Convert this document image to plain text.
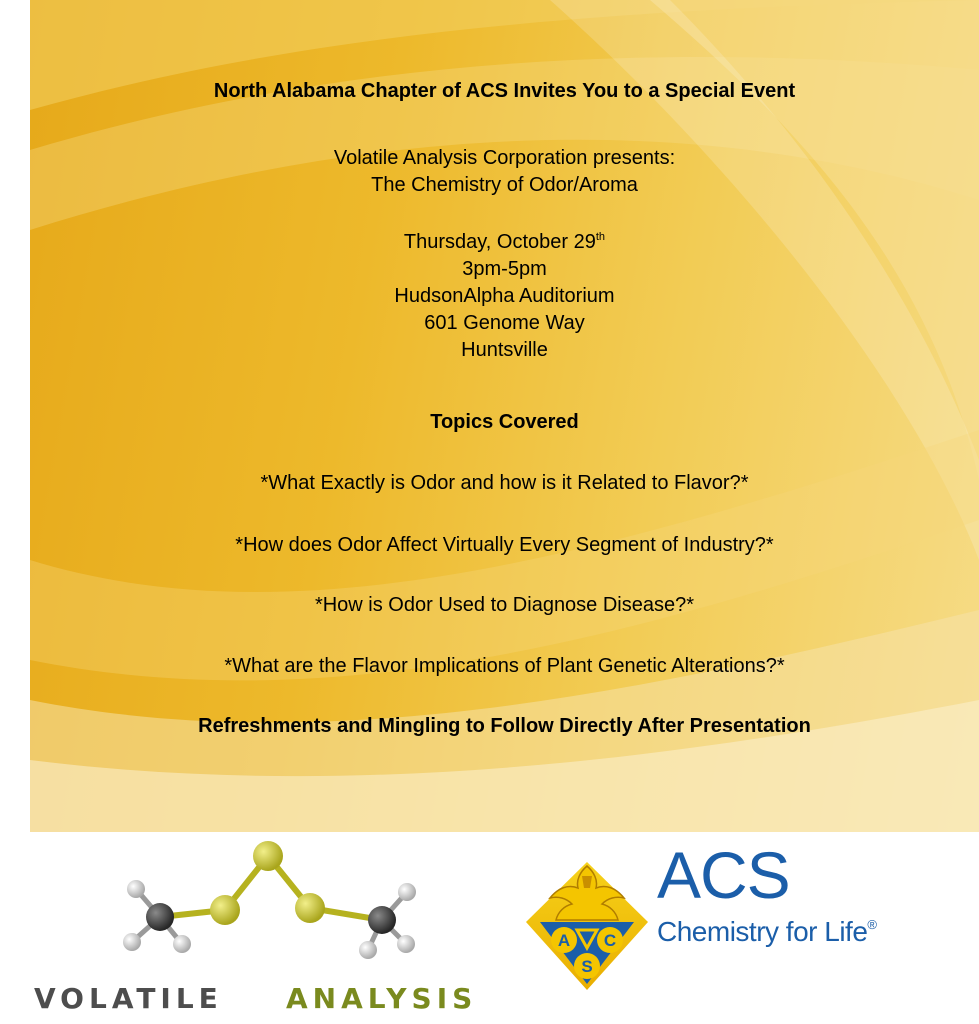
North Alabama Chapter of ACS Invites You to a Special Event
Volatile Analysis Corporation presents:
The Chemistry of Odor/Aroma
Thursday, October 29th
3pm-5pm
HudsonAlpha Auditorium
601 Genome Way
Huntsville
Topics Covered
*What Exactly is Odor and how is it Related to Flavor?*
*How does Odor Affect Virtually Every Segment of Industry?*
*How is Odor Used to Diagnose Disease?*
*What are the Flavor Implications of Plant Genetic Alterations?*
Refreshments and Mingling to Follow Directly After Presentation
VOLATILE ANALYSIS
A C
S
ACS
Chemistry for Life®
